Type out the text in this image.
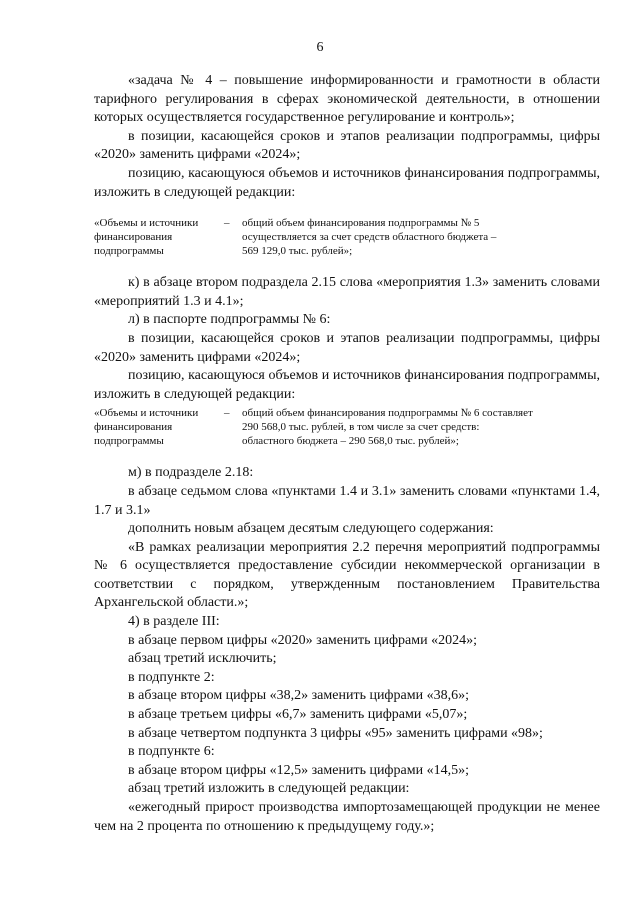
6

«задача № 4 – повышение информированности и грамотности в области тарифного регулирования в сферах экономической деятельности, в отношении которых осуществляется государственное регулирование и контроль»;

в позиции, касающейся сроков и этапов реализации подпрограммы, цифры «2020» заменить цифрами «2024»;

позицию, касающуюся объемов и источников финансирования подпрограммы, изложить в следующей редакции:

«Объемы и источники
финансирования
подпрограммы
–	общий объем финансирования подпрограммы № 5
осуществляется за счет средств областного бюджета –
569 129,0 тыс. рублей»;

к) в абзаце втором подраздела 2.15 слова «мероприятия 1.3» заменить словами «мероприятий 1.3 и 4.1»;

л) в паспорте подпрограммы № 6:

в позиции, касающейся сроков и этапов реализации подпрограммы, цифры «2020» заменить цифрами «2024»;

позицию, касающуюся объемов и источников финансирования подпрограммы, изложить в следующей редакции:

«Объемы и источники
финансирования
подпрограммы
–	общий объем финансирования подпрограммы № 6 составляет
290 568,0 тыс. рублей, в том числе за счет средств:
областного бюджета – 290 568,0 тыс. рублей»;

м) в подразделе 2.18:

в абзаце седьмом слова «пунктами 1.4 и 3.1» заменить словами «пунктами 1.4, 1.7 и 3.1»

дополнить новым абзацем десятым следующего содержания:

«В рамках реализации мероприятия 2.2 перечня мероприятий подпрограммы № 6 осуществляется предоставление субсидии некоммерческой организации в соответствии с порядком, утвержденным постановлением Правительства Архангельской области.»;

4) в разделе III:

в абзаце первом цифры «2020» заменить цифрами «2024»;

абзац третий исключить;

в подпункте 2:

в абзаце втором цифры «38,2» заменить цифрами «38,6»;

в абзаце третьем цифры «6,7» заменить цифрами «5,07»;

в абзаце четвертом подпункта 3 цифры «95» заменить цифрами «98»;

в подпункте 6:

в абзаце втором цифры «12,5» заменить цифрами «14,5»;

абзац третий изложить в следующей редакции:

«ежегодный прирост производства импортозамещающей продукции не менее чем на 2 процента по отношению к предыдущему году.»;
